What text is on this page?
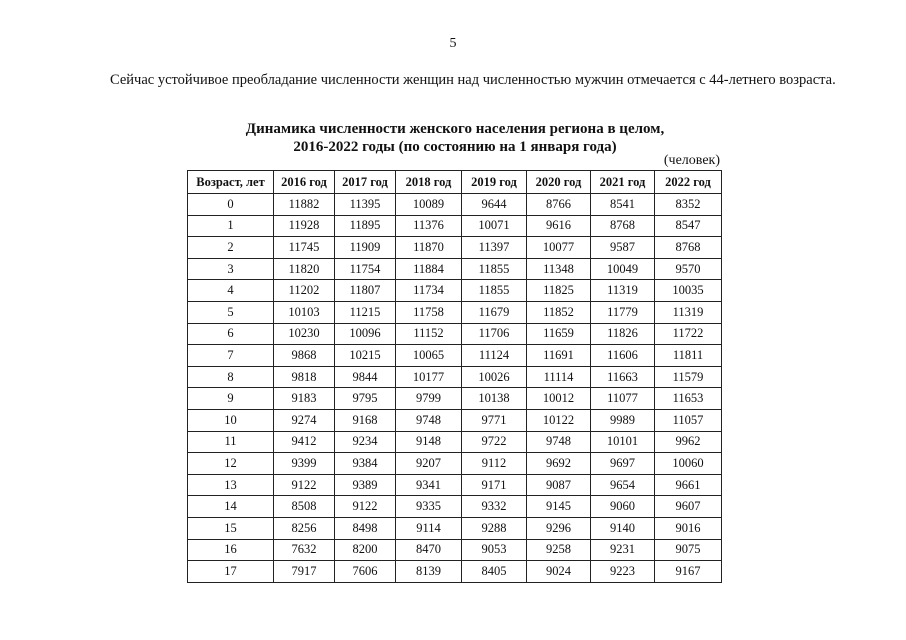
5

Сейчас устойчивое преобладание численности женщин над численностью мужчин отмечается с 44-летнего возраста.

Динамика численности женского населения региона в целом,
2016-2022 годы (по состоянию на 1 января года)
(человек)
Возраст, лет	2016 год	2017 год	2018 год	2019 год	2020 год	2021 год	2022 год
0	11882	11395	10089	9644	8766	8541	8352
1	11928	11895	11376	10071	9616	8768	8547
2	11745	11909	11870	11397	10077	9587	8768
3	11820	11754	11884	11855	11348	10049	9570
4	11202	11807	11734	11855	11825	11319	10035
5	10103	11215	11758	11679	11852	11779	11319
6	10230	10096	11152	11706	11659	11826	11722
7	9868	10215	10065	11124	11691	11606	11811
8	9818	9844	10177	10026	11114	11663	11579
9	9183	9795	9799	10138	10012	11077	11653
10	9274	9168	9748	9771	10122	9989	11057
11	9412	9234	9148	9722	9748	10101	9962
12	9399	9384	9207	9112	9692	9697	10060
13	9122	9389	9341	9171	9087	9654	9661
14	8508	9122	9335	9332	9145	9060	9607
15	8256	8498	9114	9288	9296	9140	9016
16	7632	8200	8470	9053	9258	9231	9075
17	7917	7606	8139	8405	9024	9223	9167
